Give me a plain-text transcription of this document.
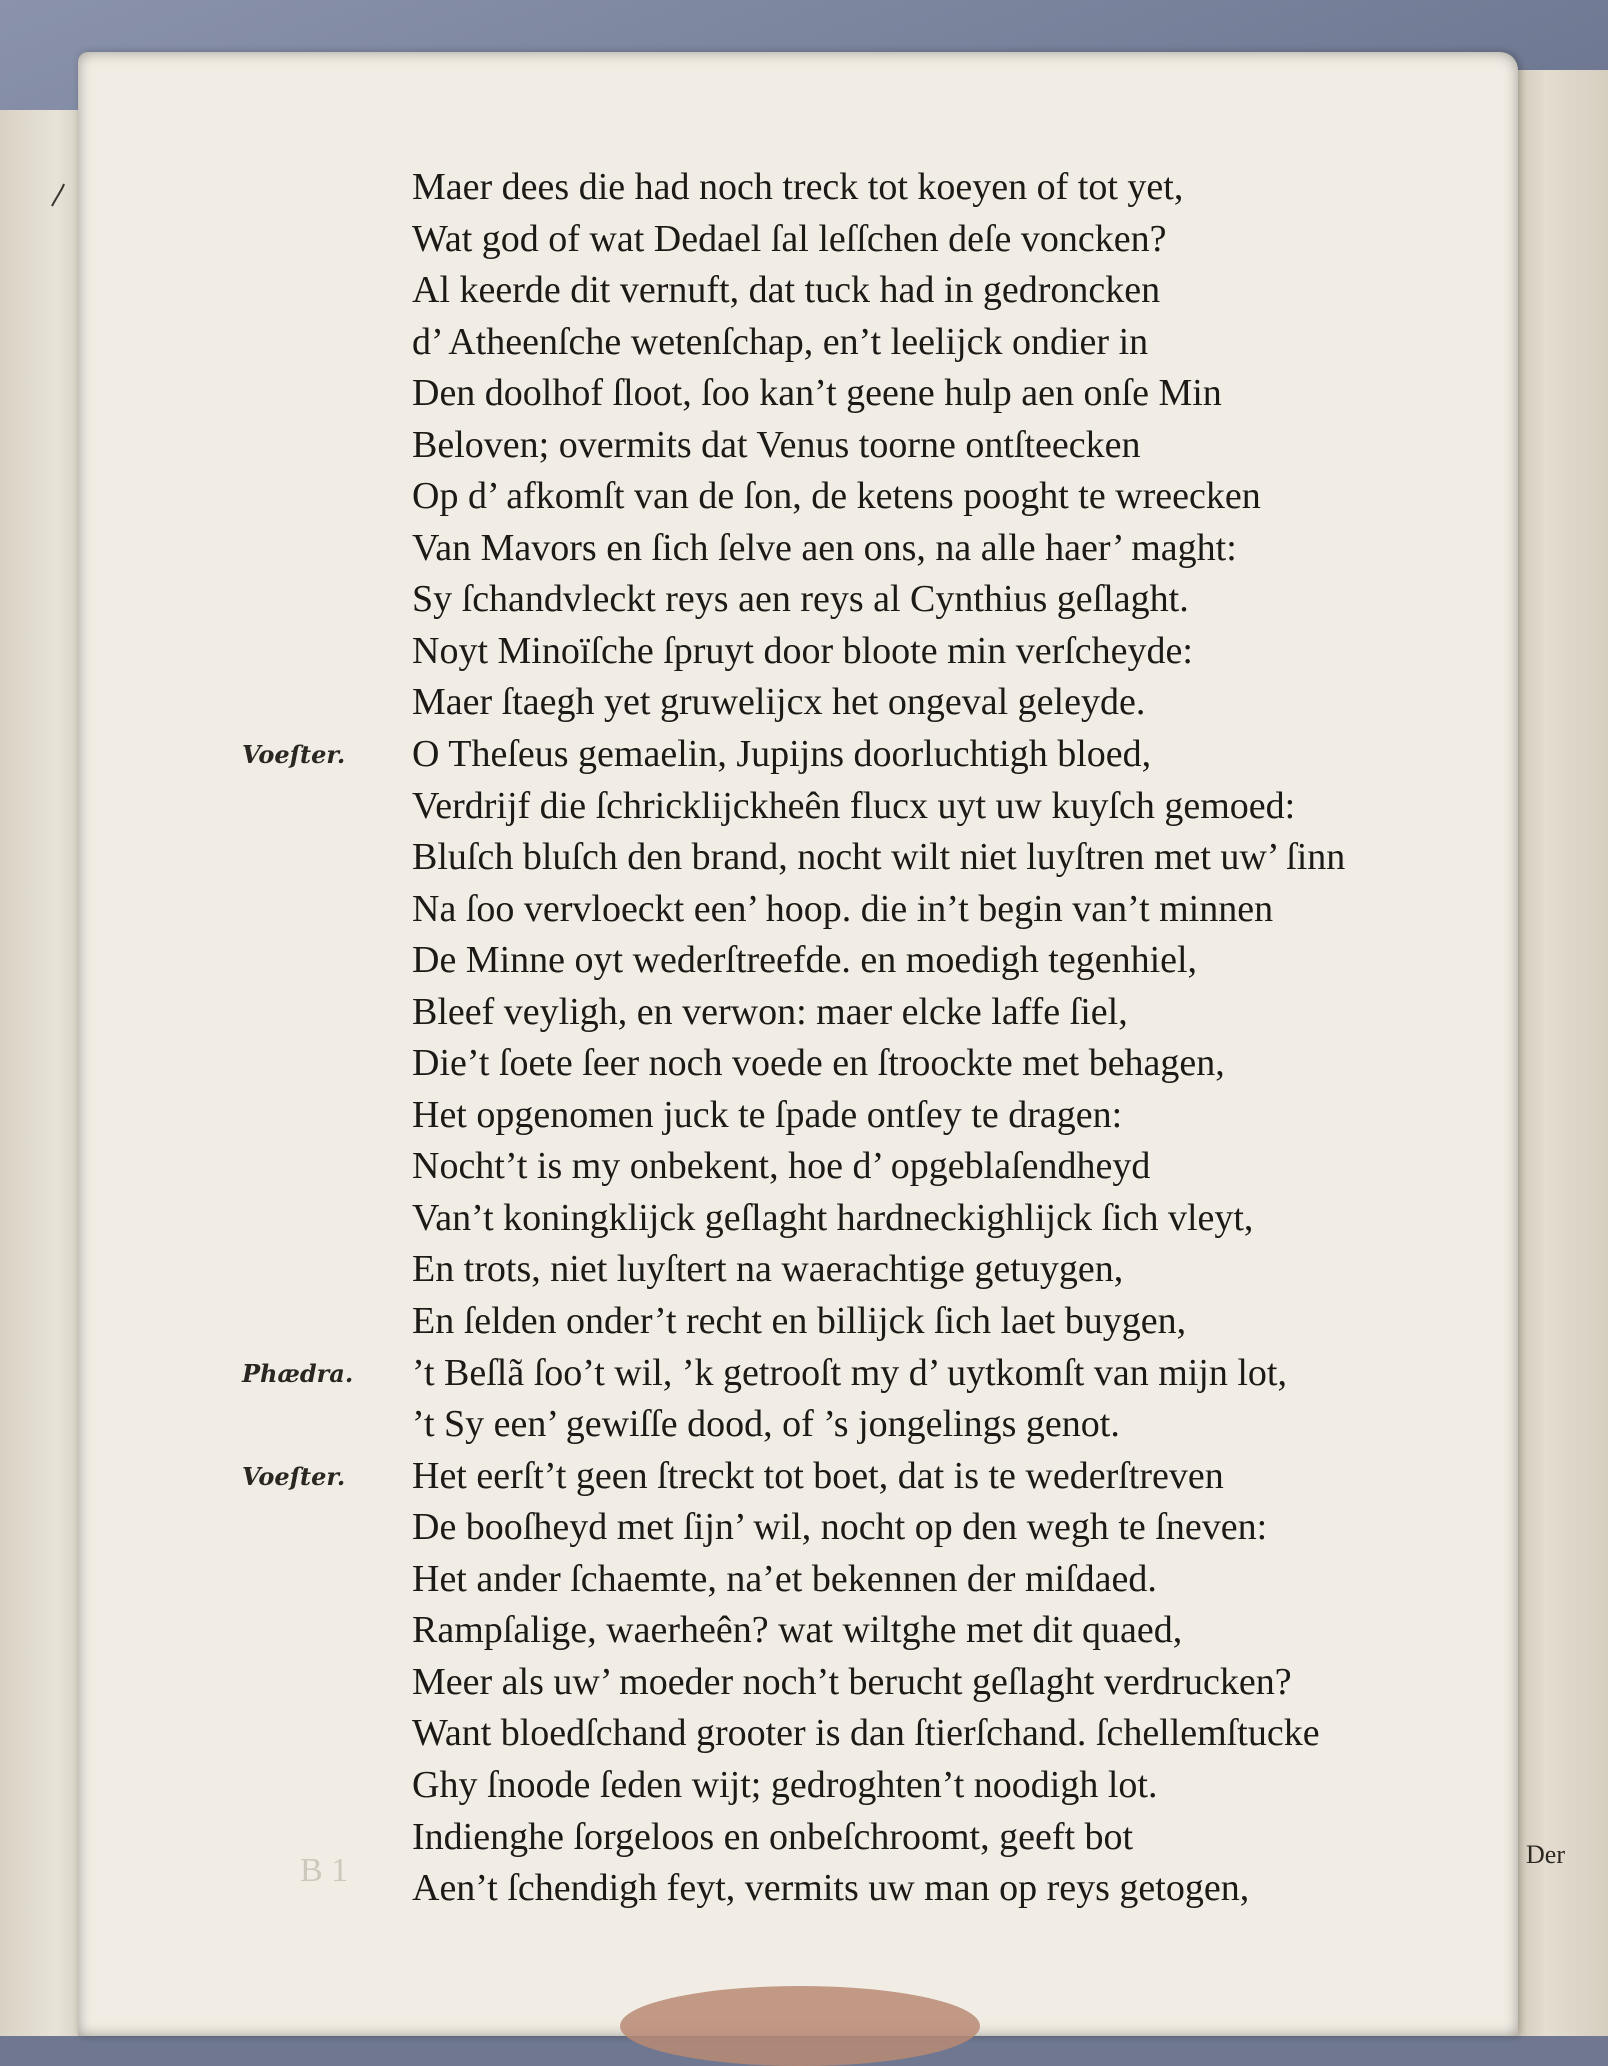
Maer dees die had noch treck tot koeyen of tot yet,
Wat god of wat Dedael ſal leſſchen deſe voncken?
Al keerde dit vernuft, dat tuck had in gedroncken
d’ Atheenſche wetenſchap, en’t leelijck ondier in
Den doolhof ſloot, ſoo kan’t geene hulp aen onſe Min
Beloven; overmits dat Venus toorne ontſteecken
Op d’ afkomſt van de ſon, de ketens pooght te wreecken
Van Mavors en ſich ſelve aen ons, na alle haer’ maght:
Sy ſchandvleckt reys aen reys al Cynthius geſlaght.
Noyt Minoïſche ſpruyt door bloote min verſcheyde:
Maer ſtaegh yet gruwelijcx het ongeval geleyde.
Voeſter. O Theſeus gemaelin, Jupijns doorluchtigh bloed,
Verdrijf die ſchricklijckheên flucx uyt uw kuyſch gemoed:
Bluſch bluſch den brand, nocht wilt niet luyſtren met uw’ ſinn
Na ſoo vervloeckt een’ hoop. die in’t begin van’t minnen
De Minne oyt wederſtreefde. en moedigh tegenhiel,
Bleef veyligh, en verwon: maer elcke laffe ſiel,
Die’t ſoete ſeer noch voede en ſtroockte met behagen,
Het opgenomen juck te ſpade ontſey te dragen:
Nocht’t is my onbekent, hoe d’ opgeblaſendheyd
Van’t koningklijck geſlaght hardneckighlijck ſich vleyt,
En trots, niet luyſtert na waerachtige getuygen,
En ſelden onder’t recht en billijck ſich laet buygen,
Phædra. ’t Beſlã ſoo’t wil, ’k getrooſt my d’ uytkomſt van mijn lot,
’t Sy een’ gewiſſe dood, of ’s jongelings genot.
Voeſter. Het eerſt’t geen ſtreckt tot boet, dat is te wederſtreven
De booſheyd met ſijn’ wil, nocht op den wegh te ſneven:
Het ander ſchaemte, na’et bekennen der miſdaed.
Rampſalige, waerheên? wat wiltghe met dit quaed,
Meer als uw’ moeder noch’t berucht geſlaght verdrucken?
Want bloedſchand grooter is dan ſtierſchand. ſchellemſtucke
Ghy ſnoode ſeden wijt; gedroghten’t noodigh lot.
Indienghe ſorgeloos en onbeſchroomt, geeft bot
Aen’t ſchendigh feyt, vermits uw man op reys getogen,
B 1	Der
